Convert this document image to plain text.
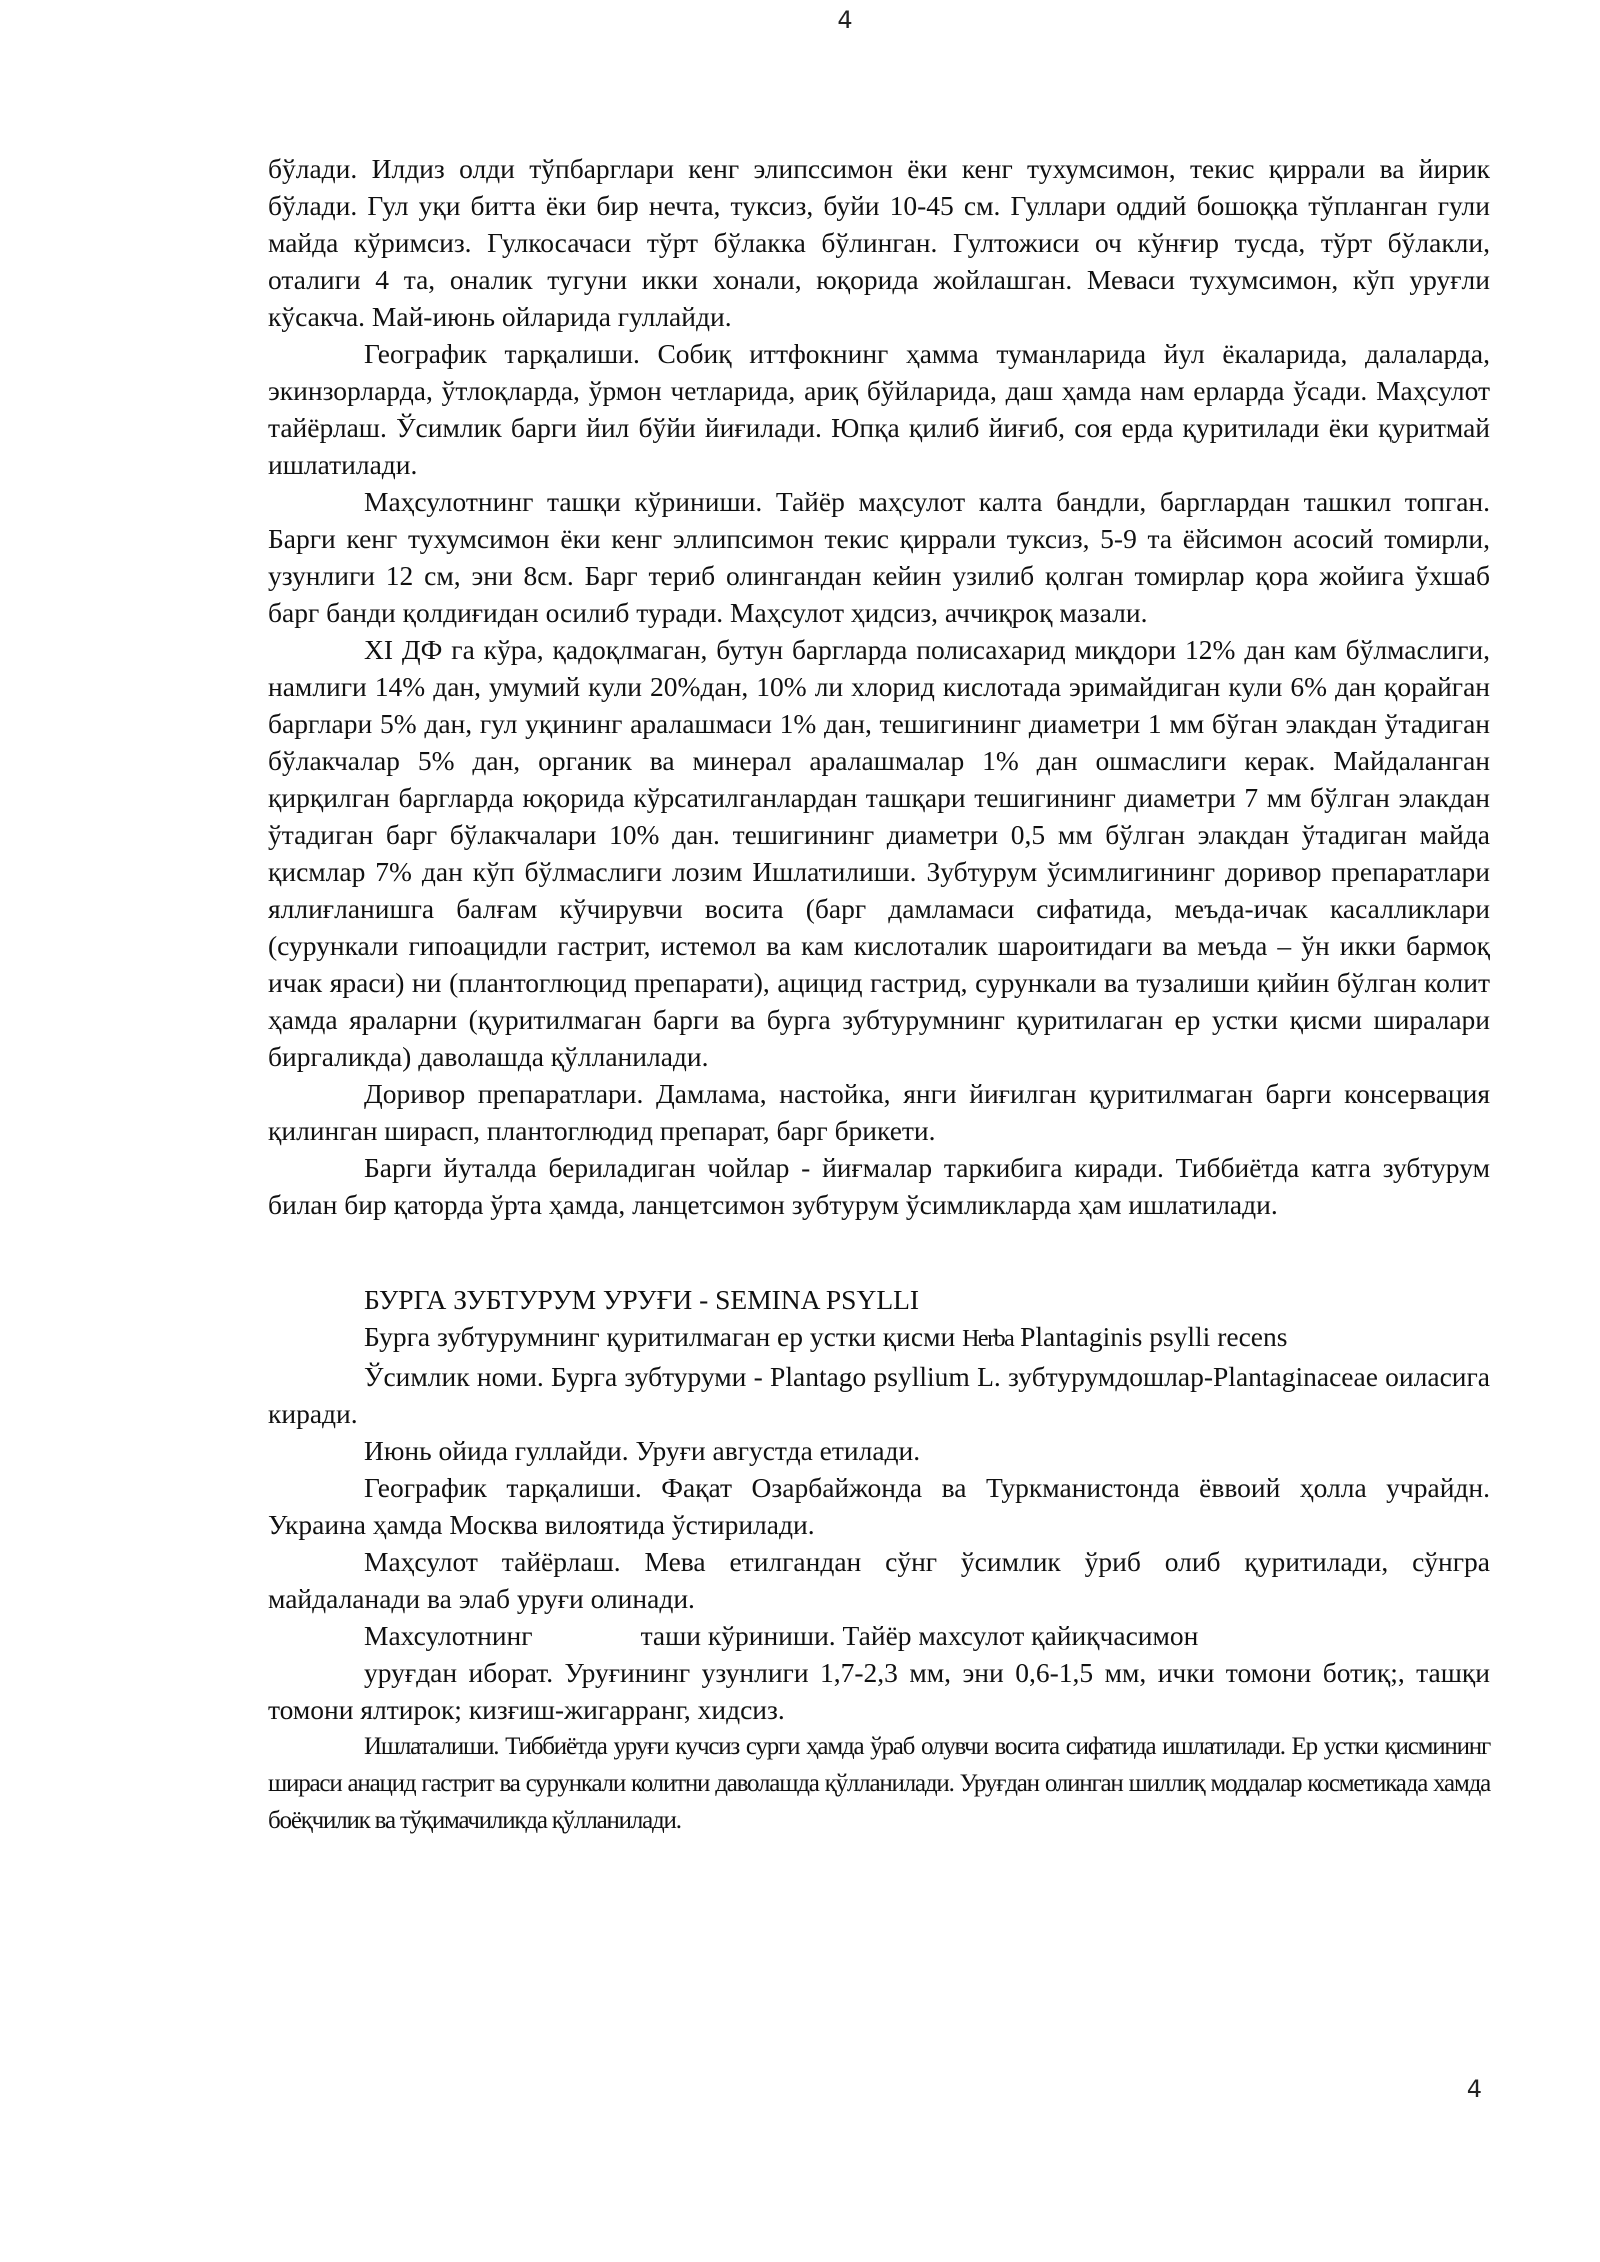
4

бўлади. Илдиз олди тўпбарглари кенг элипссимон ёки кенг тухумсимон, текис қиррали ва йирик бўлади. Гул уқи битта ёки бир нечта, туксиз, буйи 10-45 см. Гуллари оддий бошоққа тўпланган гули майда кўримсиз. Гулкосачаси тўрт бўлакка бўлинган. Гултожиси оч кўнғир тусда, тўрт бўлакли, оталиги 4 та, оналик тугуни икки хонали, юқорида жойлашган. Меваси тухумсимон, кўп уруғли кўсакча. Май-июнь ойларида гуллайди.

Географик тарқалиши. Собиқ иттфокнинг ҳамма туманларида йул ёкаларида, далаларда, экинзорларда, ўтлоқларда, ўрмон четларида, ариқ бўйларида, даш ҳамда нам ерларда ўсади. Маҳсулот тайёрлаш. Ўсимлик барги йил бўйи йиғилади. Юпқа қилиб йиғиб, соя ерда қуритилади ёки қуритмай ишлатилади.

Маҳсулотнинг ташқи кўриниши. Тайёр маҳсулот калта бандли, барглардан ташкил топган. Барги кенг тухумсимон ёки кенг эллипсимон текис қиррали туксиз, 5-9 та ёйсимон асосий томирли, узунлиги 12 см, эни 8см. Барг териб олингандан кейин узилиб қолган томирлар қора жойига ўхшаб барг банди қолдиғидан осилиб туради. Маҳсулот ҳидсиз, аччиқроқ мазали.

XI ДФ га кўра, қадоқлмаган, бутун баргларда полисахарид миқдори 12% дан кам бўлмаслиги, намлиги 14% дан, умумий кули 20%дан, 10% ли хлорид кислотада эримайдиган кули 6% дан қорайган барглари 5% дан, гул уқининг аралашмаси 1% дан, тешигининг диаметри 1 мм бўган элакдан ўтадиган бўлакчалар 5% дан, органик ва минерал аралашмалар 1% дан ошмаслиги керак. Майдаланган қирқилган баргларда юқорида кўрсатилганлардан ташқари тешигининг диаметри 7 мм бўлган элакдан ўтадиган барг бўлакчалари 10% дан. тешигининг диаметри 0,5 мм бўлган элакдан ўтадиган майда қисмлар 7% дан кўп бўлмаслиги лозим Ишлатилиши. Зубтурум ўсимлигининг доривор препаратлари яллиғланишга балғам кўчирувчи восита (барг дамламаси сифатида, меъда-ичак касалликлари (сурункали гипоацидли гастрит, истемол ва кам кислоталик шароитидаги ва меъда – ўн икки бармоқ ичак яраси) ни (плантоглюцид препарати), ацицид гастрид, сурункали ва тузалиши қийин бўлган колит ҳамда яраларни (қуритилмаган барги ва бурга зубтурумнинг қуритилаган ер устки қисми ширалари биргаликда) даволашда қўлланилади.

Доривор препаратлари. Дамлама, настойка, янги йиғилган қуритилмаган барги консервация қилинган ширасп, плантоглюдид препарат, барг брикети.

Барги йуталда бериладиган чойлар - йиғмалар таркибига киради. Тиббиётда катга зубтурум билан бир қаторда ўрта ҳамда, ланцетсимон зубтурум ўсимликларда ҳам ишлатилади.

БУРГА ЗУБТУРУМ УРУҒИ - SEMINA PSYLLI

Бурга зубтурумнинг қуритилмаган ер устки қисми Herba Plantaginis psylli recens

Ўсимлик номи. Бурга зубтуруми - Plantago psyllium L. зубтурумдошлар-Plantaginaceae оиласига киради.

Июнь ойида гуллайди. Уруғи августда етилади.

Географик тарқалиши. Фақат Озарбайжонда ва Туркманистонда ёввоий ҳолла учрайдн. Украина ҳамда Москва вилоятида ўстирилади.

Маҳсулот тайёрлаш. Мева етилгандан сўнг ўсимлик ўриб олиб қуритилади, сўнгра майдаланади ва элаб уруғи олинади.

Махсулотнинг	таши кўриниши. Тайёр махсулот қайиқчасимон

уруғдан иборат. Уруғининг узунлиги 1,7-2,3 мм, эни 0,6-1,5 мм, ички томони ботиқ;, ташқи томони ялтирок; кизғиш-жигарранг, хидсиз.

Ишлаталиши. Тиббиётда уруғи кучсиз сурги ҳамда ўраб олувчи восита сифатида ишлатилади. Ер устки қисмининг шираси анацид гастрит ва сурункали колитни даволашда қўлланилади. Уруғдан олинган шиллиқ моддалар косметикада хамда боёқчилик ва тўқимачиликда қўлланилади.

4
